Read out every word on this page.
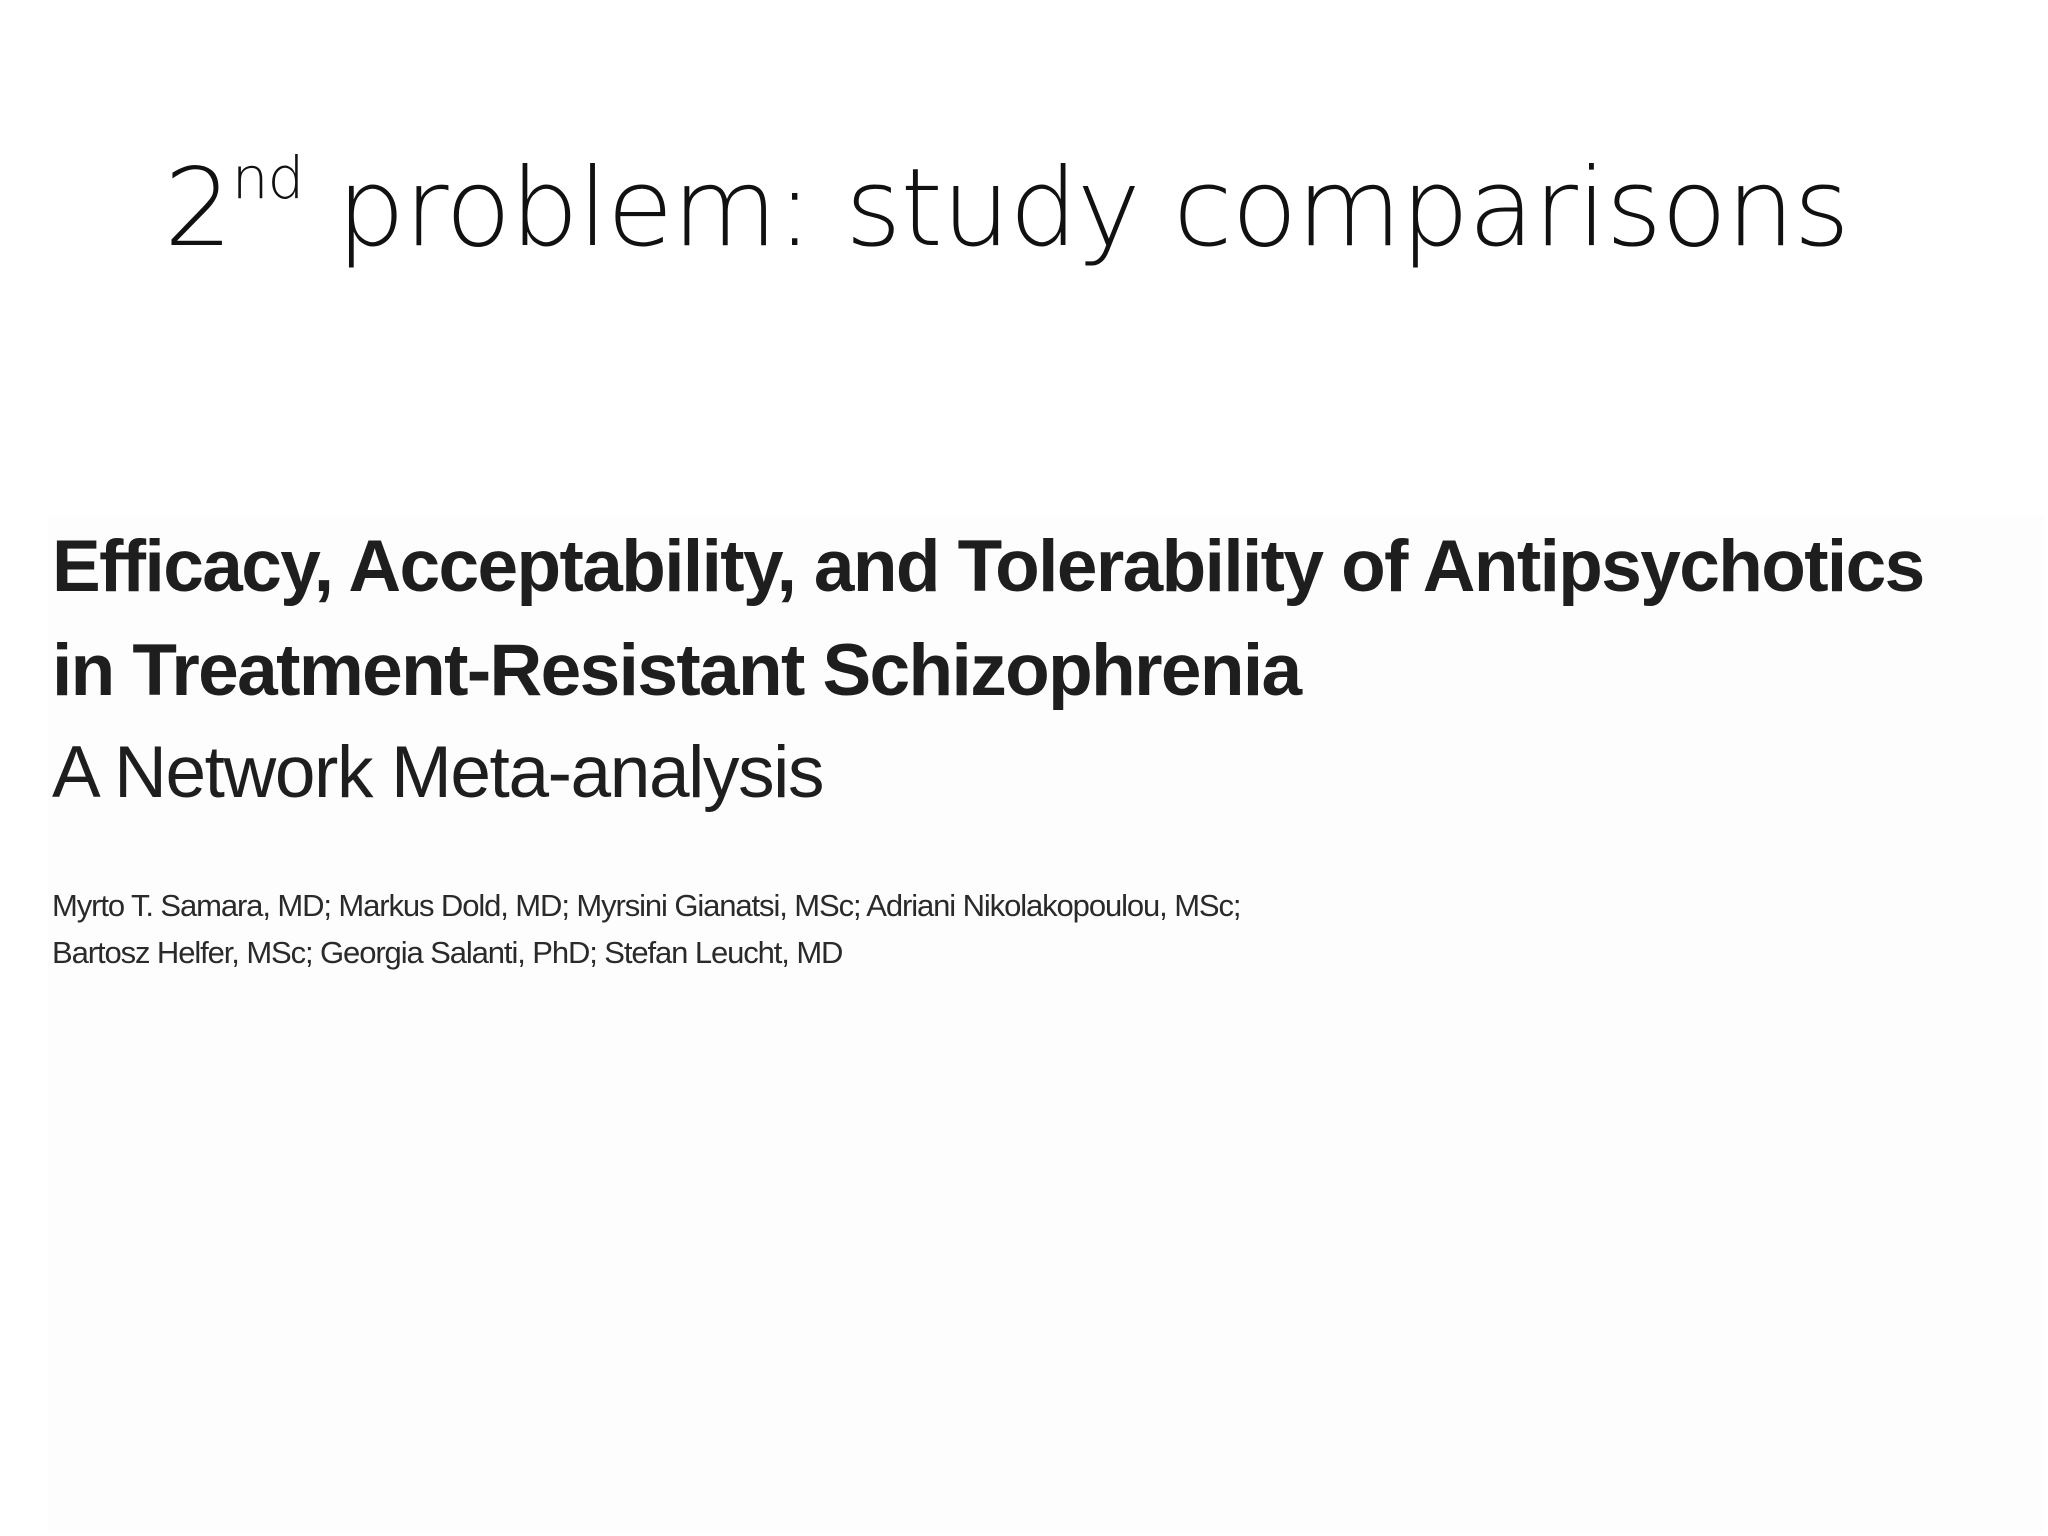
2nd problem: study comparisons
Efficacy, Acceptability, and Tolerability of Antipsychotics
in Treatment-Resistant Schizophrenia

A Network Meta-analysis

Myrto T. Samara, MD; Markus Dold, MD; Myrsini Gianatsi, MSc; Adriani Nikolakopoulou, MSc;
Bartosz Helfer, MSc; Georgia Salanti, PhD; Stefan Leucht, MD
